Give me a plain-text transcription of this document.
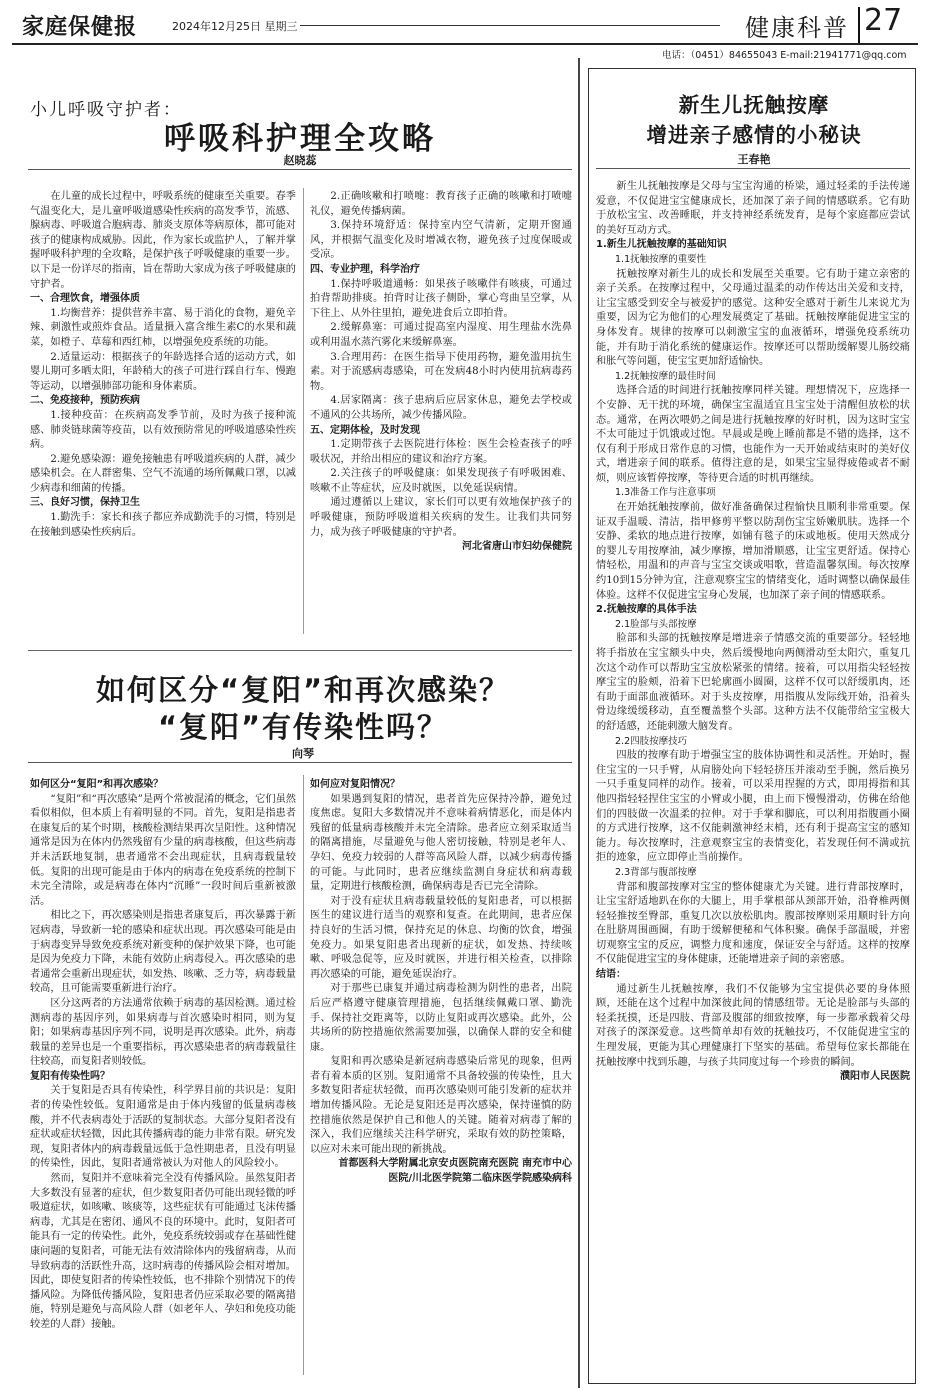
家庭保健报	2024年12月25日 星期三	健康科普 27
电话：（0451）84655043 E-mail:21941771@qq.com
小儿呼吸守护者：
呼吸科护理全攻略
赵晓蕊

在儿童的成长过程中，呼吸系统的健康至关重要。春季气温变化大，是儿童呼吸道感染性疾病的高发季节，流感、腺病毒、呼吸道合胞病毒、肺炎支原体等病原体，都可能对孩子的健康构成威胁。因此，作为家长或监护人，了解并掌握呼吸科护理的全攻略，是保护孩子呼吸健康的重要一步。以下是一份详尽的指南，旨在帮助大家成为孩子呼吸健康的守护者。

一、合理饮食，增强体质

1.均衡营养：提供营养丰富、易于消化的食物，避免辛辣、刺激性或煎炸食品。适量摄入富含维生素C的水果和蔬菜，如橙子、草莓和西红柿，以增强免疫系统的功能。

2.适量运动：根据孩子的年龄选择合适的运动方式，如婴儿期可多晒太阳，年龄稍大的孩子可进行踩自行车、慢跑等运动，以增强肺部功能和身体素质。

二、免疫接种，预防疾病

1.接种疫苗：在疾病高发季节前，及时为孩子接种流感、肺炎链球菌等疫苗，以有效预防常见的呼吸道感染性疾病。

2.避免感染源：避免接触患有呼吸道疾病的人群，减少感染机会。在人群密集、空气不流通的场所佩戴口罩，以减少病毒和细菌的传播。

三、良好习惯，保持卫生

1.勤洗手：家长和孩子都应养成勤洗手的习惯，特别是在接触到感染性疾病后。

2.正确咳嗽和打喷嚏：教育孩子正确的咳嗽和打喷嚏礼仪，避免传播病菌。

3.保持环境舒适：保持室内空气清新，定期开窗通风，并根据气温变化及时增减衣物，避免孩子过度保暖或受凉。

四、专业护理，科学治疗

1.保持呼吸道通畅：如果孩子咳嗽伴有咳痰，可通过拍背帮助排痰。拍背时让孩子侧卧，掌心弯曲呈空掌，从下往上、从外往里拍，避免进食后立即拍背。

2.缓解鼻塞：可通过提高室内湿度、用生理盐水洗鼻或利用温水蒸汽雾化来缓解鼻塞。

3.合理用药：在医生指导下使用药物，避免滥用抗生素。对于流感病毒感染，可在发病48小时内使用抗病毒药物。

4.居家隔离：孩子患病后应居家休息，避免去学校或不通风的公共场所，减少传播风险。

五、定期体检，及时发现

1.定期带孩子去医院进行体检：医生会检查孩子的呼吸状况，并给出相应的建议和治疗方案。

2.关注孩子的呼吸健康：如果发现孩子有呼吸困难、咳嗽不止等症状，应及时就医，以免延误病情。

通过遵循以上建议，家长们可以更有效地保护孩子的呼吸健康，预防呼吸道相关疾病的发生。让我们共同努力，成为孩子呼吸健康的守护者。

河北省唐山市妇幼保健院

如何区分“复阳”和再次感染？
“复阳”有传染性吗？
向琴

如何区分“复阳”和再次感染？

“复阳”和“再次感染”是两个常被混淆的概念，它们虽然看似相似，但本质上有着明显的不同。首先，复阳是指患者在康复后的某个时期，核酸检测结果再次呈阳性。这种情况通常是因为在体内仍然残留有少量的病毒核酸，但这些病毒并未活跃地复制，患者通常不会出现症状，且病毒载量较低。复阳的出现可能是由于体内的病毒在免疫系统的控制下未完全清除，或是病毒在体内“沉睡”一段时间后重新被激活。

相比之下，再次感染则是指患者康复后，再次暴露于新冠病毒，导致新一轮的感染和症状出现。再次感染可能是由于病毒变异导致免疫系统对新变种的保护效果下降，也可能是因为免疫力下降，未能有效防止病毒侵入。再次感染的患者通常会重新出现症状，如发热、咳嗽、乏力等，病毒载量较高，且可能需要重新进行治疗。

区分这两者的方法通常依赖于病毒的基因检测。通过检测病毒的基因序列，如果病毒与首次感染时相同，则为复阳；如果病毒基因序列不同，说明是再次感染。此外，病毒载量的差异也是一个重要指标，再次感染患者的病毒载量往往较高，而复阳者则较低。

复阳有传染性吗？

关于复阳是否具有传染性，科学界目前的共识是：复阳者的传染性较低。复阳通常是由于体内残留的低量病毒核酸，并不代表病毒处于活跃的复制状态。大部分复阳者没有症状或症状轻微，因此其传播病毒的能力非常有限。研究发现，复阳者体内的病毒载量远低于急性期患者，且没有明显的传染性，因此，复阳者通常被认为对他人的风险较小。

然而，复阳并不意味着完全没有传播风险。虽然复阳者大多数没有显著的症状，但少数复阳者仍可能出现轻微的呼吸道症状，如咳嗽、咳痰等，这些症状有可能通过飞沫传播病毒，尤其是在密闭、通风不良的环境中。此时，复阳者可能具有一定的传染性。此外，免疫系统较弱或存在基础性健康问题的复阳者，可能无法有效清除体内的残留病毒，从而导致病毒的活跃性升高，这时病毒的传播风险会相对增加。因此，即使复阳者的传染性较低，也不排除个别情况下的传播风险。为降低传播风险，复阳患者仍应采取必要的隔离措施，特别是避免与高风险人群（如老年人、孕妇和免疫功能较差的人群）接触。

如何应对复阳情况？

如果遇到复阳的情况，患者首先应保持冷静，避免过度焦虑。复阳大多数情况并不意味着病情恶化，而是体内残留的低量病毒核酸并未完全清除。患者应立刻采取适当的隔离措施，尽量避免与他人密切接触，特别是老年人、孕妇、免疫力较弱的人群等高风险人群，以减少病毒传播的可能。与此同时，患者应继续监测自身症状和病毒载量，定期进行核酸检测，确保病毒是否已完全清除。

对于没有症状且病毒载量较低的复阳患者，可以根据医生的建议进行适当的观察和复查。在此期间，患者应保持良好的生活习惯，保持充足的休息、均衡的饮食，增强免疫力。如果复阳患者出现新的症状，如发热、持续咳嗽、呼吸急促等，应及时就医，并进行相关检查，以排除再次感染的可能，避免延误治疗。

对于那些已康复并通过病毒检测为阴性的患者，出院后应严格遵守健康管理措施，包括继续佩戴口罩、勤洗手、保持社交距离等，以防止复阳或再次感染。此外，公共场所的防控措施依然需要加强，以确保人群的安全和健康。

复阳和再次感染是新冠病毒感染后常见的现象，但两者有着本质的区别。复阳通常不具备较强的传染性，且大多数复阳者症状轻微，而再次感染则可能引发新的症状并增加传播风险。无论是复阳还是再次感染，保持谨慎的防控措施依然是保护自己和他人的关键。随着对病毒了解的深入，我们应继续关注科学研究，采取有效的防控策略，以应对未来可能出现的新挑战。

首都医科大学附属北京安贞医院南充医院 南充市中心医院/川北医学院第二临床医学院感染病科

新生儿抚触按摩
增进亲子感情的小秘诀
王春艳

新生儿抚触按摩是父母与宝宝沟通的桥梁，通过轻柔的手法传递爱意，不仅促进宝宝健康成长，还加深了亲子间的情感联系。它有助于放松宝宝、改善睡眠，并支持神经系统发育，是每个家庭都应尝试的美好互动方式。

1.新生儿抚触按摩的基础知识

1.1抚触按摩的重要性

抚触按摩对新生儿的成长和发展至关重要。它有助于建立亲密的亲子关系。在按摩过程中，父母通过温柔的动作传达出关爱和支持，让宝宝感受到安全与被爱护的感觉。这种安全感对于新生儿来说尤为重要，因为它为他们的心理发展奠定了基础。抚触按摩能促进宝宝的身体发育。规律的按摩可以刺激宝宝的血液循环，增强免疫系统功能，并有助于消化系统的健康运作。按摩还可以帮助缓解婴儿肠绞痛和胀气等问题，使宝宝更加舒适愉快。

1.2抚触按摩的最佳时间

选择合适的时间进行抚触按摩同样关键。理想情况下，应选择一个安静、无干扰的环境，确保宝宝温适宜且宝宝处于清醒但放松的状态。通常，在两次喂奶之间是进行抚触按摩的好时机，因为这时宝宝不太可能过于饥饿或过饱。早晨或是晚上睡前都是不错的选择，这不仅有利于形成日常作息的习惯，也能作为一天开始或结束时的美好仪式，增进亲子间的联系。值得注意的是，如果宝宝显得疲倦或者不耐烦，则应该暂停按摩，等待更合适的时机再继续。

1.3准备工作与注意事项

在开始抚触按摩前，做好准备确保过程愉快且顺利非常重要。保证双手温暖、清洁，指甲修剪平整以防刮伤宝宝娇嫩肌肤。选择一个安静、柔软的地点进行按摩，如铺有毯子的床或地板。使用天然成分的婴儿专用按摩油，减少摩擦，增加滑顺感，让宝宝更舒适。保持心情轻松，用温和的声音与宝宝交谈或唱歌，营造温馨氛围。每次按摩约10到15分钟为宜，注意观察宝宝的情绪变化，适时调整以确保最佳体验。这样不仅促进宝宝身心发展，也加深了亲子间的情感联系。

2.抚触按摩的具体手法

2.1脸部与头部按摩

脸部和头部的抚触按摩是增进亲子情感交流的重要部分。轻轻地将手指放在宝宝额头中央，然后缓慢地向两侧滑动至太阳穴，重复几次这个动作可以帮助宝宝放松紧张的情绪。接着，可以用指尖轻轻按摩宝宝的脸颊，沿着下巴轮廓画小圆圈，这样不仅可以舒缓肌肉，还有助于面部血液循环。对于头皮按摩，用指腹从发际线开始，沿着头骨边缘缓缓移动，直至覆盖整个头部。这种方法不仅能带给宝宝极大的舒适感，还能刺激大脑发育。

2.2四肢按摩技巧

四肢的按摩有助于增强宝宝的肢体协调性和灵活性。开始时，握住宝宝的一只手臂，从肩膀处向下轻轻挤压并滚动至手腕，然后换另一只手重复同样的动作。接着，可以采用捏握的方式，即用拇指和其他四指轻轻捏住宝宝的小臂或小腿，由上而下慢慢滑动，仿佛在给他们的四肢做一次温柔的拉伸。对于手掌和脚底，可以利用指腹画小圈的方式进行按摩，这不仅能刺激神经末梢，还有利于提高宝宝的感知能力。每次按摩时，注意观察宝宝的表情变化，若发现任何不满或抗拒的迹象，应立即停止当前操作。

2.3背部与腹部按摩

背部和腹部按摩对宝宝的整体健康尤为关键。进行背部按摩时，让宝宝舒适地趴在你的大腿上，用手掌根部从颈部开始，沿脊椎两侧轻轻推按至臀部，重复几次以放松肌肉。腹部按摩则采用顺时针方向在肚脐周围画圈，有助于缓解便秘和气体积聚。确保手部温暖，并密切观察宝宝的反应，调整力度和速度，保证安全与舒适。这样的按摩不仅能促进宝宝的身体健康，还能增进亲子间的亲密感。

结语：

通过新生儿抚触按摩，我们不仅能够为宝宝提供必要的身体照顾，还能在这个过程中加深彼此间的情感纽带。无论是脸部与头部的轻柔抚摸，还是四肢、背部及腹部的细致按摩，每一步都承载着父母对孩子的深深爱意。这些简单却有效的抚触技巧，不仅能促进宝宝的生理发展，更能为其心理健康打下坚实的基础。希望每位家长都能在抚触按摩中找到乐趣，与孩子共同度过每一个珍贵的瞬间。

濮阳市人民医院
